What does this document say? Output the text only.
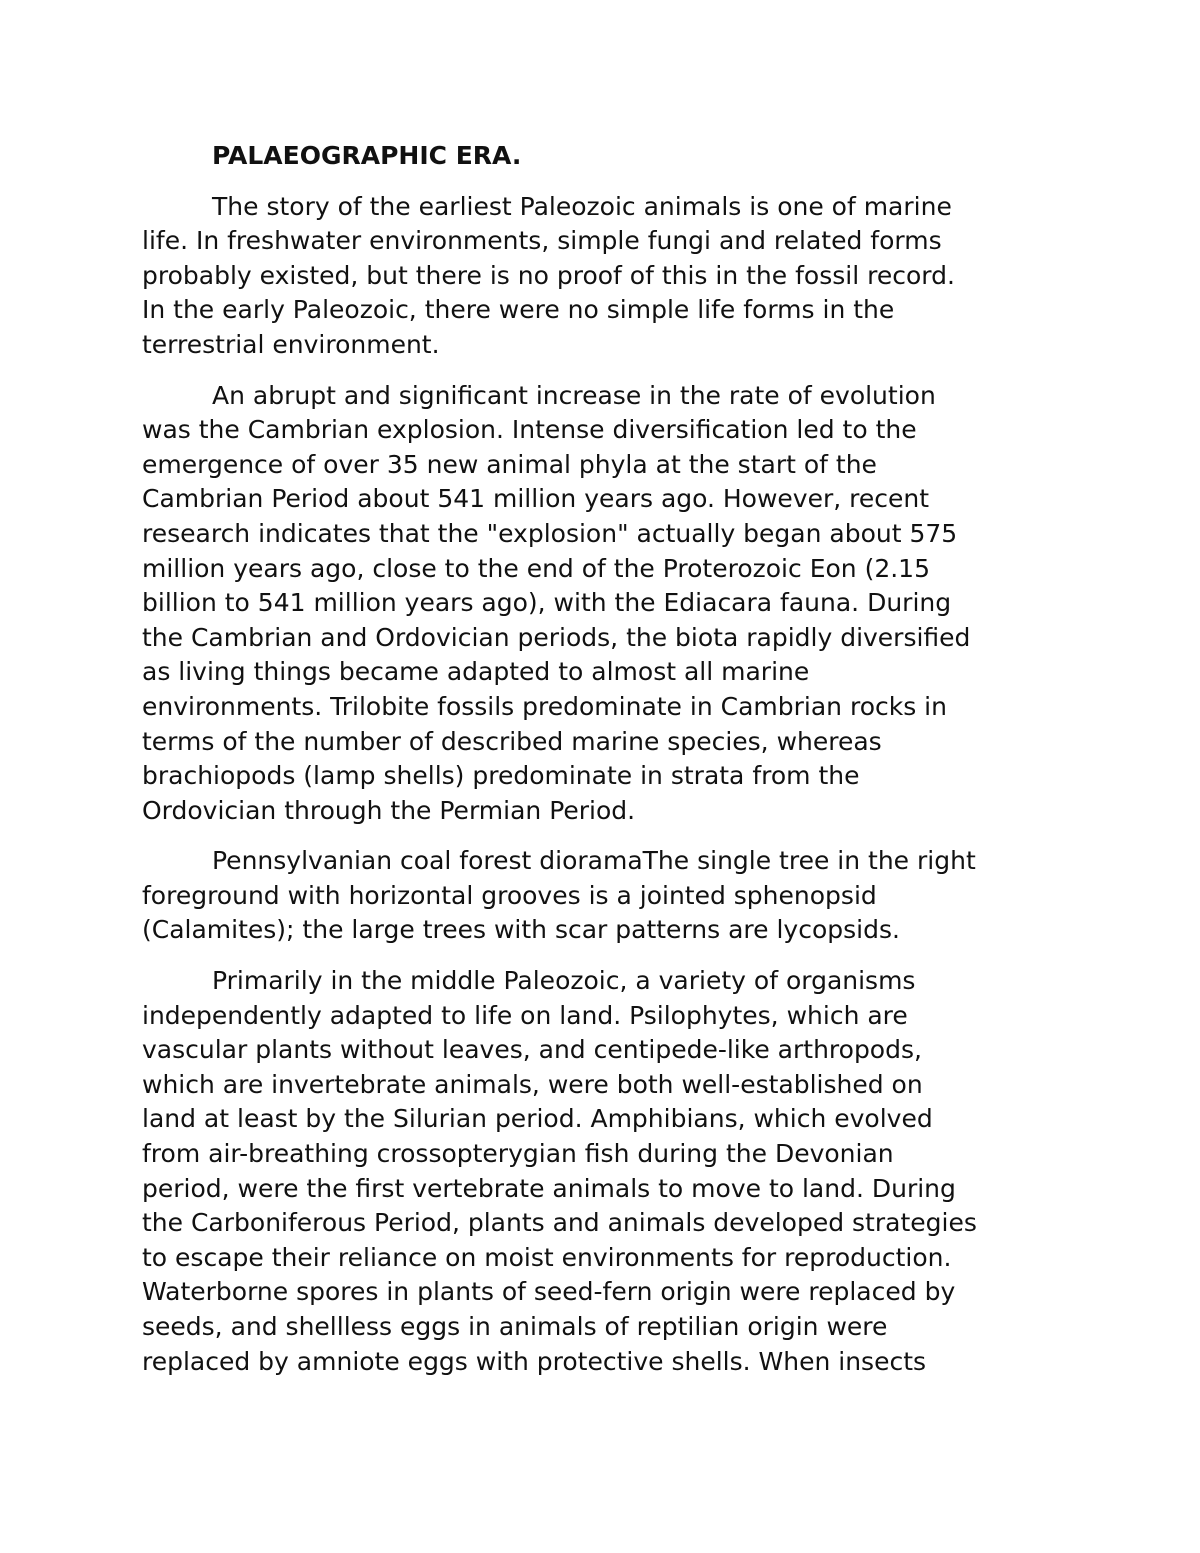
PALAEOGRAPHIC ERA.
The story of the earliest Paleozoic animals is one of marine
life. In freshwater environments, simple fungi and related forms
probably existed, but there is no proof of this in the fossil record.
In the early Paleozoic, there were no simple life forms in the
terrestrial environment.
An abrupt and significant increase in the rate of evolution
was the Cambrian explosion. Intense diversification led to the
emergence of over 35 new animal phyla at the start of the
Cambrian Period about 541 million years ago. However, recent
research indicates that the "explosion" actually began about 575
million years ago, close to the end of the Proterozoic Eon (2.15
billion to 541 million years ago), with the Ediacara fauna. During
the Cambrian and Ordovician periods, the biota rapidly diversified
as living things became adapted to almost all marine
environments. Trilobite fossils predominate in Cambrian rocks in
terms of the number of described marine species, whereas
brachiopods (lamp shells) predominate in strata from the
Ordovician through the Permian Period.
Pennsylvanian coal forest dioramaThe single tree in the right
foreground with horizontal grooves is a jointed sphenopsid
(Calamites); the large trees with scar patterns are lycopsids.
Primarily in the middle Paleozoic, a variety of organisms
independently adapted to life on land. Psilophytes, which are
vascular plants without leaves, and centipede-like arthropods,
which are invertebrate animals, were both well-established on
land at least by the Silurian period. Amphibians, which evolved
from air-breathing crossopterygian fish during the Devonian
period, were the first vertebrate animals to move to land. During
the Carboniferous Period, plants and animals developed strategies
to escape their reliance on moist environments for reproduction.
Waterborne spores in plants of seed-fern origin were replaced by
seeds, and shellless eggs in animals of reptilian origin were
replaced by amniote eggs with protective shells. When insects
